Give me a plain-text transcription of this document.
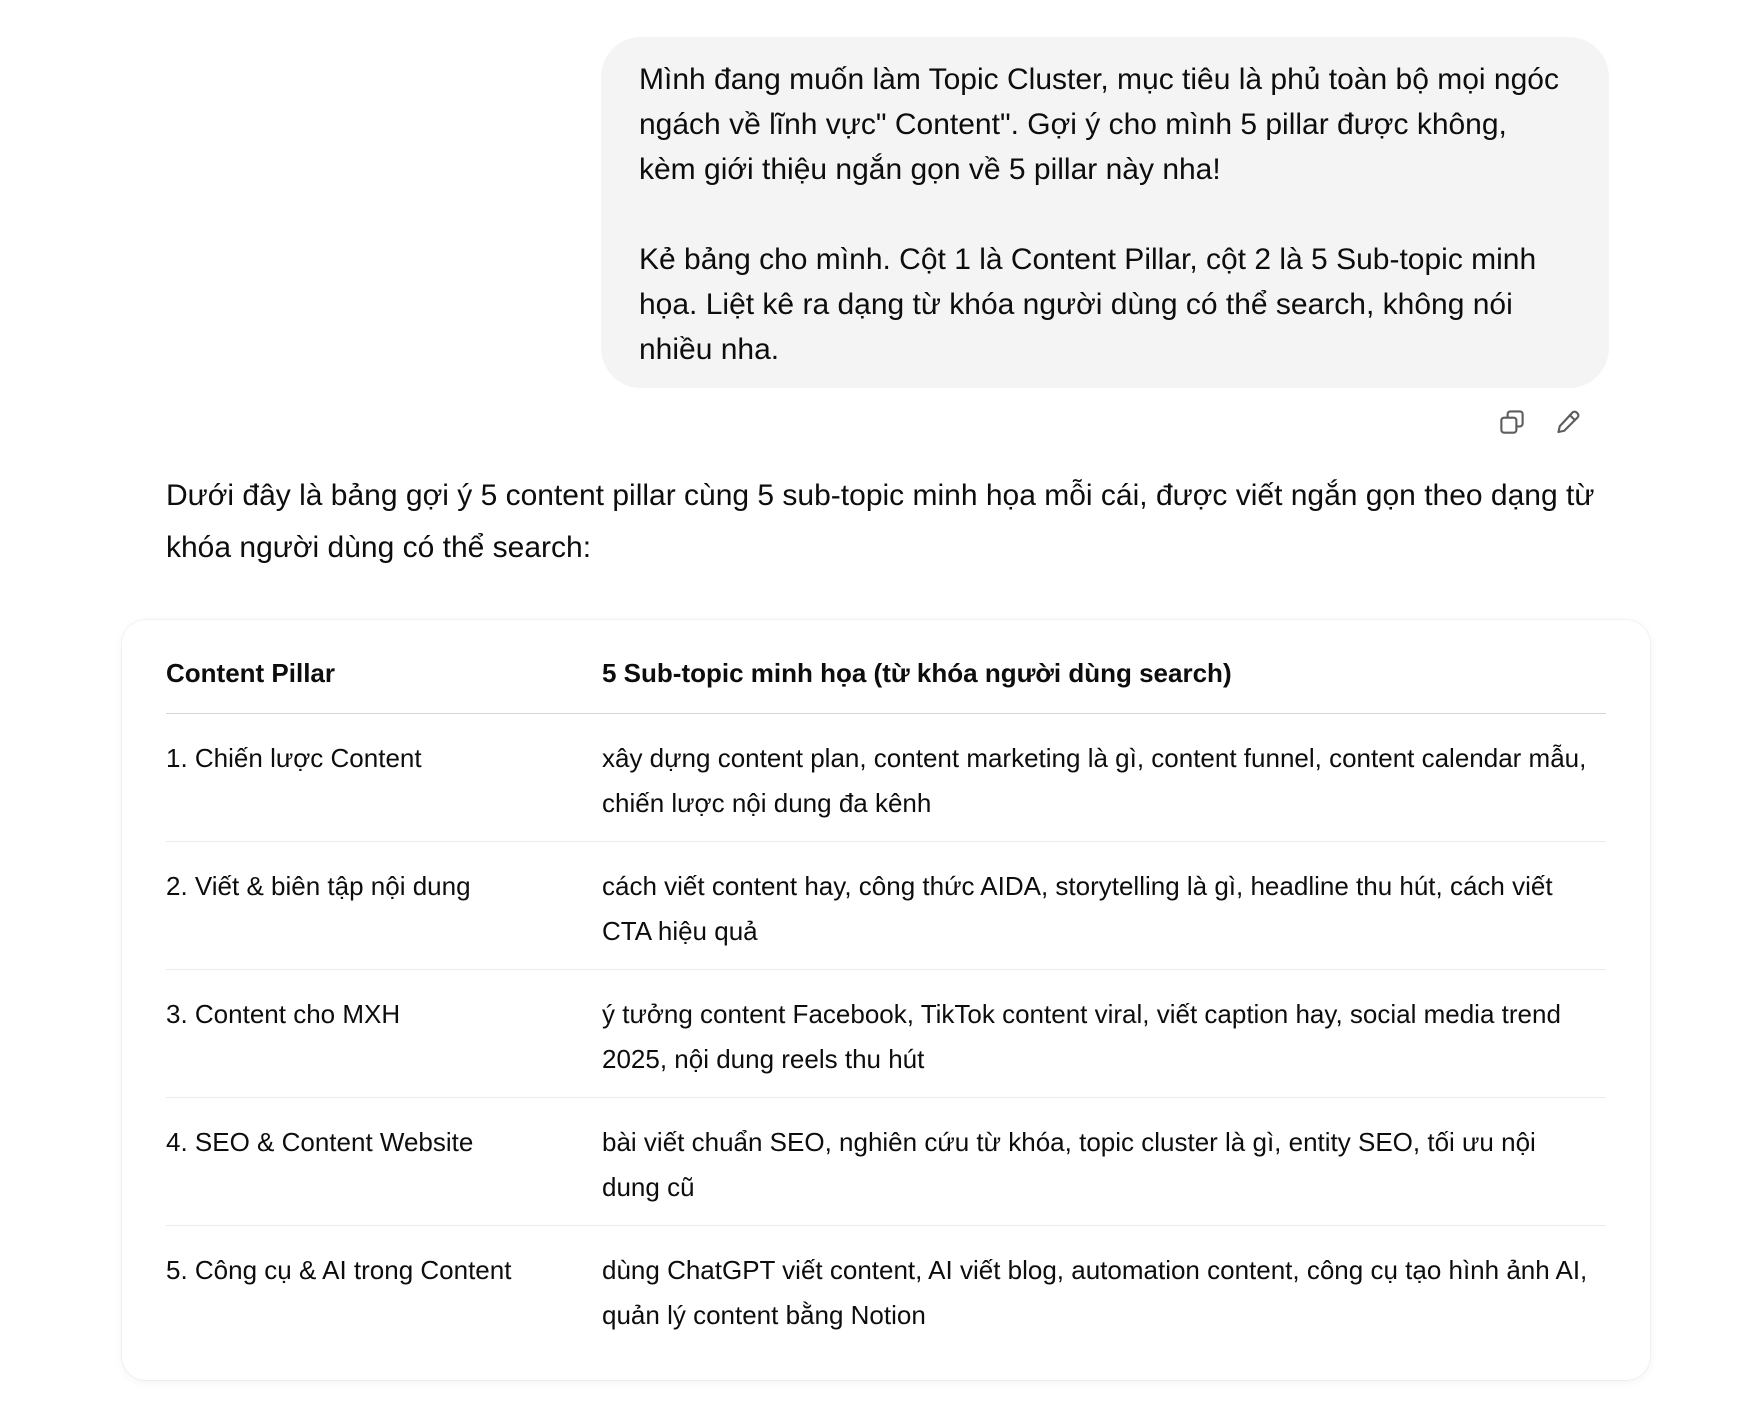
Mình đang muốn làm Topic Cluster, mục tiêu là phủ toàn bộ mọi ngóc ngách về lĩnh vực" Content". Gợi ý cho mình 5 pillar được không, kèm giới thiệu ngắn gọn về 5 pillar này nha!

Kẻ bảng cho mình. Cột 1 là Content Pillar, cột 2 là 5 Sub-topic minh họa. Liệt kê ra dạng từ khóa người dùng có thể search, không nói nhiều nha.

Dưới đây là bảng gợi ý 5 content pillar cùng 5 sub-topic minh họa mỗi cái, được viết ngắn gọn theo dạng từ khóa người dùng có thể search:

Content Pillar	5 Sub-topic minh họa (từ khóa người dùng search)
1. Chiến lược Content	xây dựng content plan, content marketing là gì, content funnel, content calendar mẫu, chiến lược nội dung đa kênh
2. Viết & biên tập nội dung	cách viết content hay, công thức AIDA, storytelling là gì, headline thu hút, cách viết CTA hiệu quả
3. Content cho MXH	ý tưởng content Facebook, TikTok content viral, viết caption hay, social media trend 2025, nội dung reels thu hút
4. SEO & Content Website	bài viết chuẩn SEO, nghiên cứu từ khóa, topic cluster là gì, entity SEO, tối ưu nội dung cũ
5. Công cụ & AI trong Content	dùng ChatGPT viết content, AI viết blog, automation content, công cụ tạo hình ảnh AI, quản lý content bằng Notion
